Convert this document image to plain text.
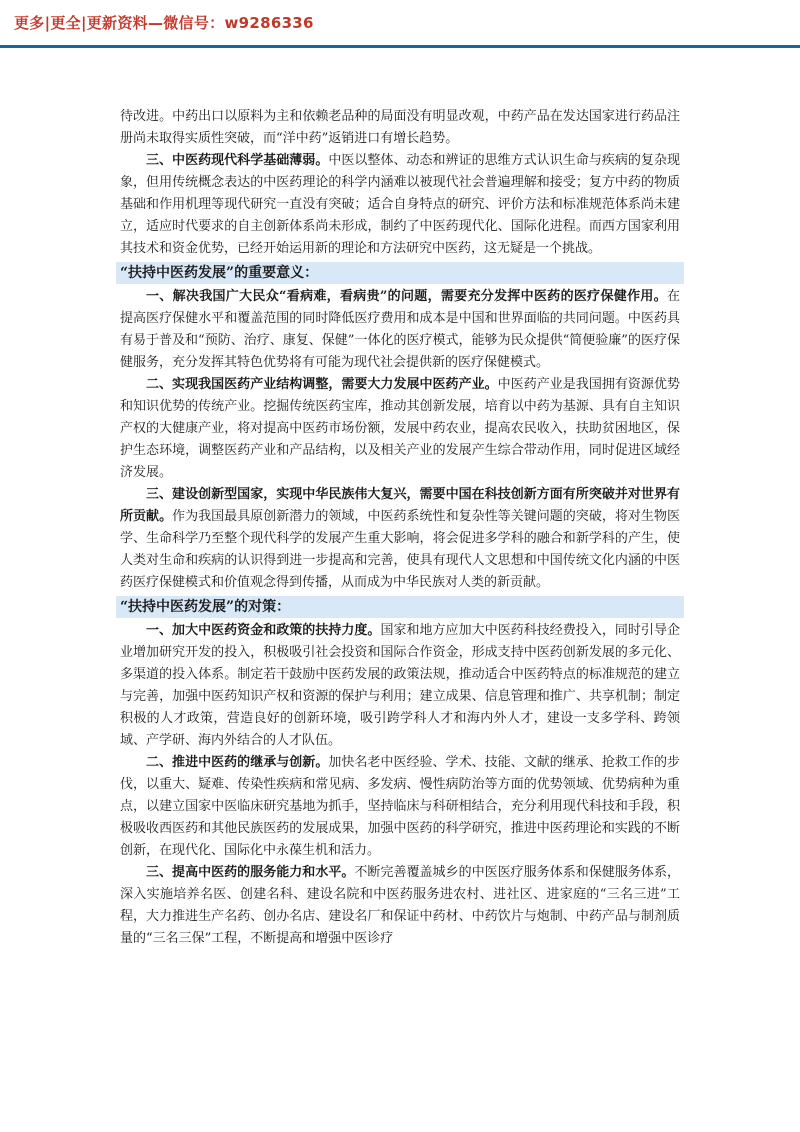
更多|更全|更新资料—微信号：w9286336

待改进。中药出口以原料为主和依赖老品种的局面没有明显改观，中药产品在发达国家进行药品注册尚未取得实质性突破，而“洋中药”返销进口有增长趋势。

三、中医药现代科学基础薄弱。中医以整体、动态和辨证的思维方式认识生命与疾病的复杂现象，但用传统概念表达的中医药理论的科学内涵难以被现代社会普遍理解和接受；复方中药的物质基础和作用机理等现代研究一直没有突破；适合自身特点的研究、评价方法和标准规范体系尚未建立，适应时代要求的自主创新体系尚未形成，制约了中医药现代化、国际化进程。而西方国家利用其技术和资金优势，已经开始运用新的理论和方法研究中医药，这无疑是一个挑战。

“扶持中医药发展”的重要意义：

一、解决我国广大民众“看病难，看病贵”的问题，需要充分发挥中医药的医疗保健作用。在提高医疗保健水平和覆盖范围的同时降低医疗费用和成本是中国和世界面临的共同问题。中医药具有易于普及和“预防、治疗、康复、保健”一体化的医疗模式，能够为民众提供“简便验廉”的医疗保健服务，充分发挥其特色优势将有可能为现代社会提供新的医疗保健模式。

二、实现我国医药产业结构调整，需要大力发展中医药产业。中医药产业是我国拥有资源优势和知识优势的传统产业。挖掘传统医药宝库，推动其创新发展，培育以中药为基源、具有自主知识产权的大健康产业，将对提高中医药市场份额，发展中药农业，提高农民收入，扶助贫困地区，保护生态环境，调整医药产业和产品结构，以及相关产业的发展产生综合带动作用，同时促进区域经济发展。

三、建设创新型国家，实现中华民族伟大复兴，需要中国在科技创新方面有所突破并对世界有所贡献。作为我国最具原创新潜力的领域，中医药系统性和复杂性等关键问题的突破，将对生物医学、生命科学乃至整个现代科学的发展产生重大影响，将会促进多学科的融合和新学科的产生，使人类对生命和疾病的认识得到进一步提高和完善，使具有现代人文思想和中国传统文化内涵的中医药医疗保健模式和价值观念得到传播，从而成为中华民族对人类的新贡献。

“扶持中医药发展”的对策：

一、加大中医药资金和政策的扶持力度。国家和地方应加大中医药科技经费投入，同时引导企业增加研究开发的投入，积极吸引社会投资和国际合作资金，形成支持中医药创新发展的多元化、多渠道的投入体系。制定若干鼓励中医药发展的政策法规，推动适合中医药特点的标准规范的建立与完善，加强中医药知识产权和资源的保护与利用；建立成果、信息管理和推广、共享机制；制定积极的人才政策，营造良好的创新环境，吸引跨学科人才和海内外人才，建设一支多学科、跨领域、产学研、海内外结合的人才队伍。

二、推进中医药的继承与创新。加快名老中医经验、学术、技能、文献的继承、抢救工作的步伐，以重大、疑难、传染性疾病和常见病、多发病、慢性病防治等方面的优势领域、优势病种为重点，以建立国家中医临床研究基地为抓手，坚持临床与科研相结合，充分利用现代科技和手段，积极吸收西医药和其他民族医药的发展成果，加强中医药的科学研究，推进中医药理论和实践的不断创新，在现代化、国际化中永葆生机和活力。

三、提高中医药的服务能力和水平。不断完善覆盖城乡的中医医疗服务体系和保健服务体系，深入实施培养名医、创建名科、建设名院和中医药服务进农村、进社区、进家庭的“三名三进”工程，大力推进生产名药、创办名店、建设名厂和保证中药材、中药饮片与炮制、中药产品与制剂质量的“三名三保”工程，不断提高和增强中医诊疗
